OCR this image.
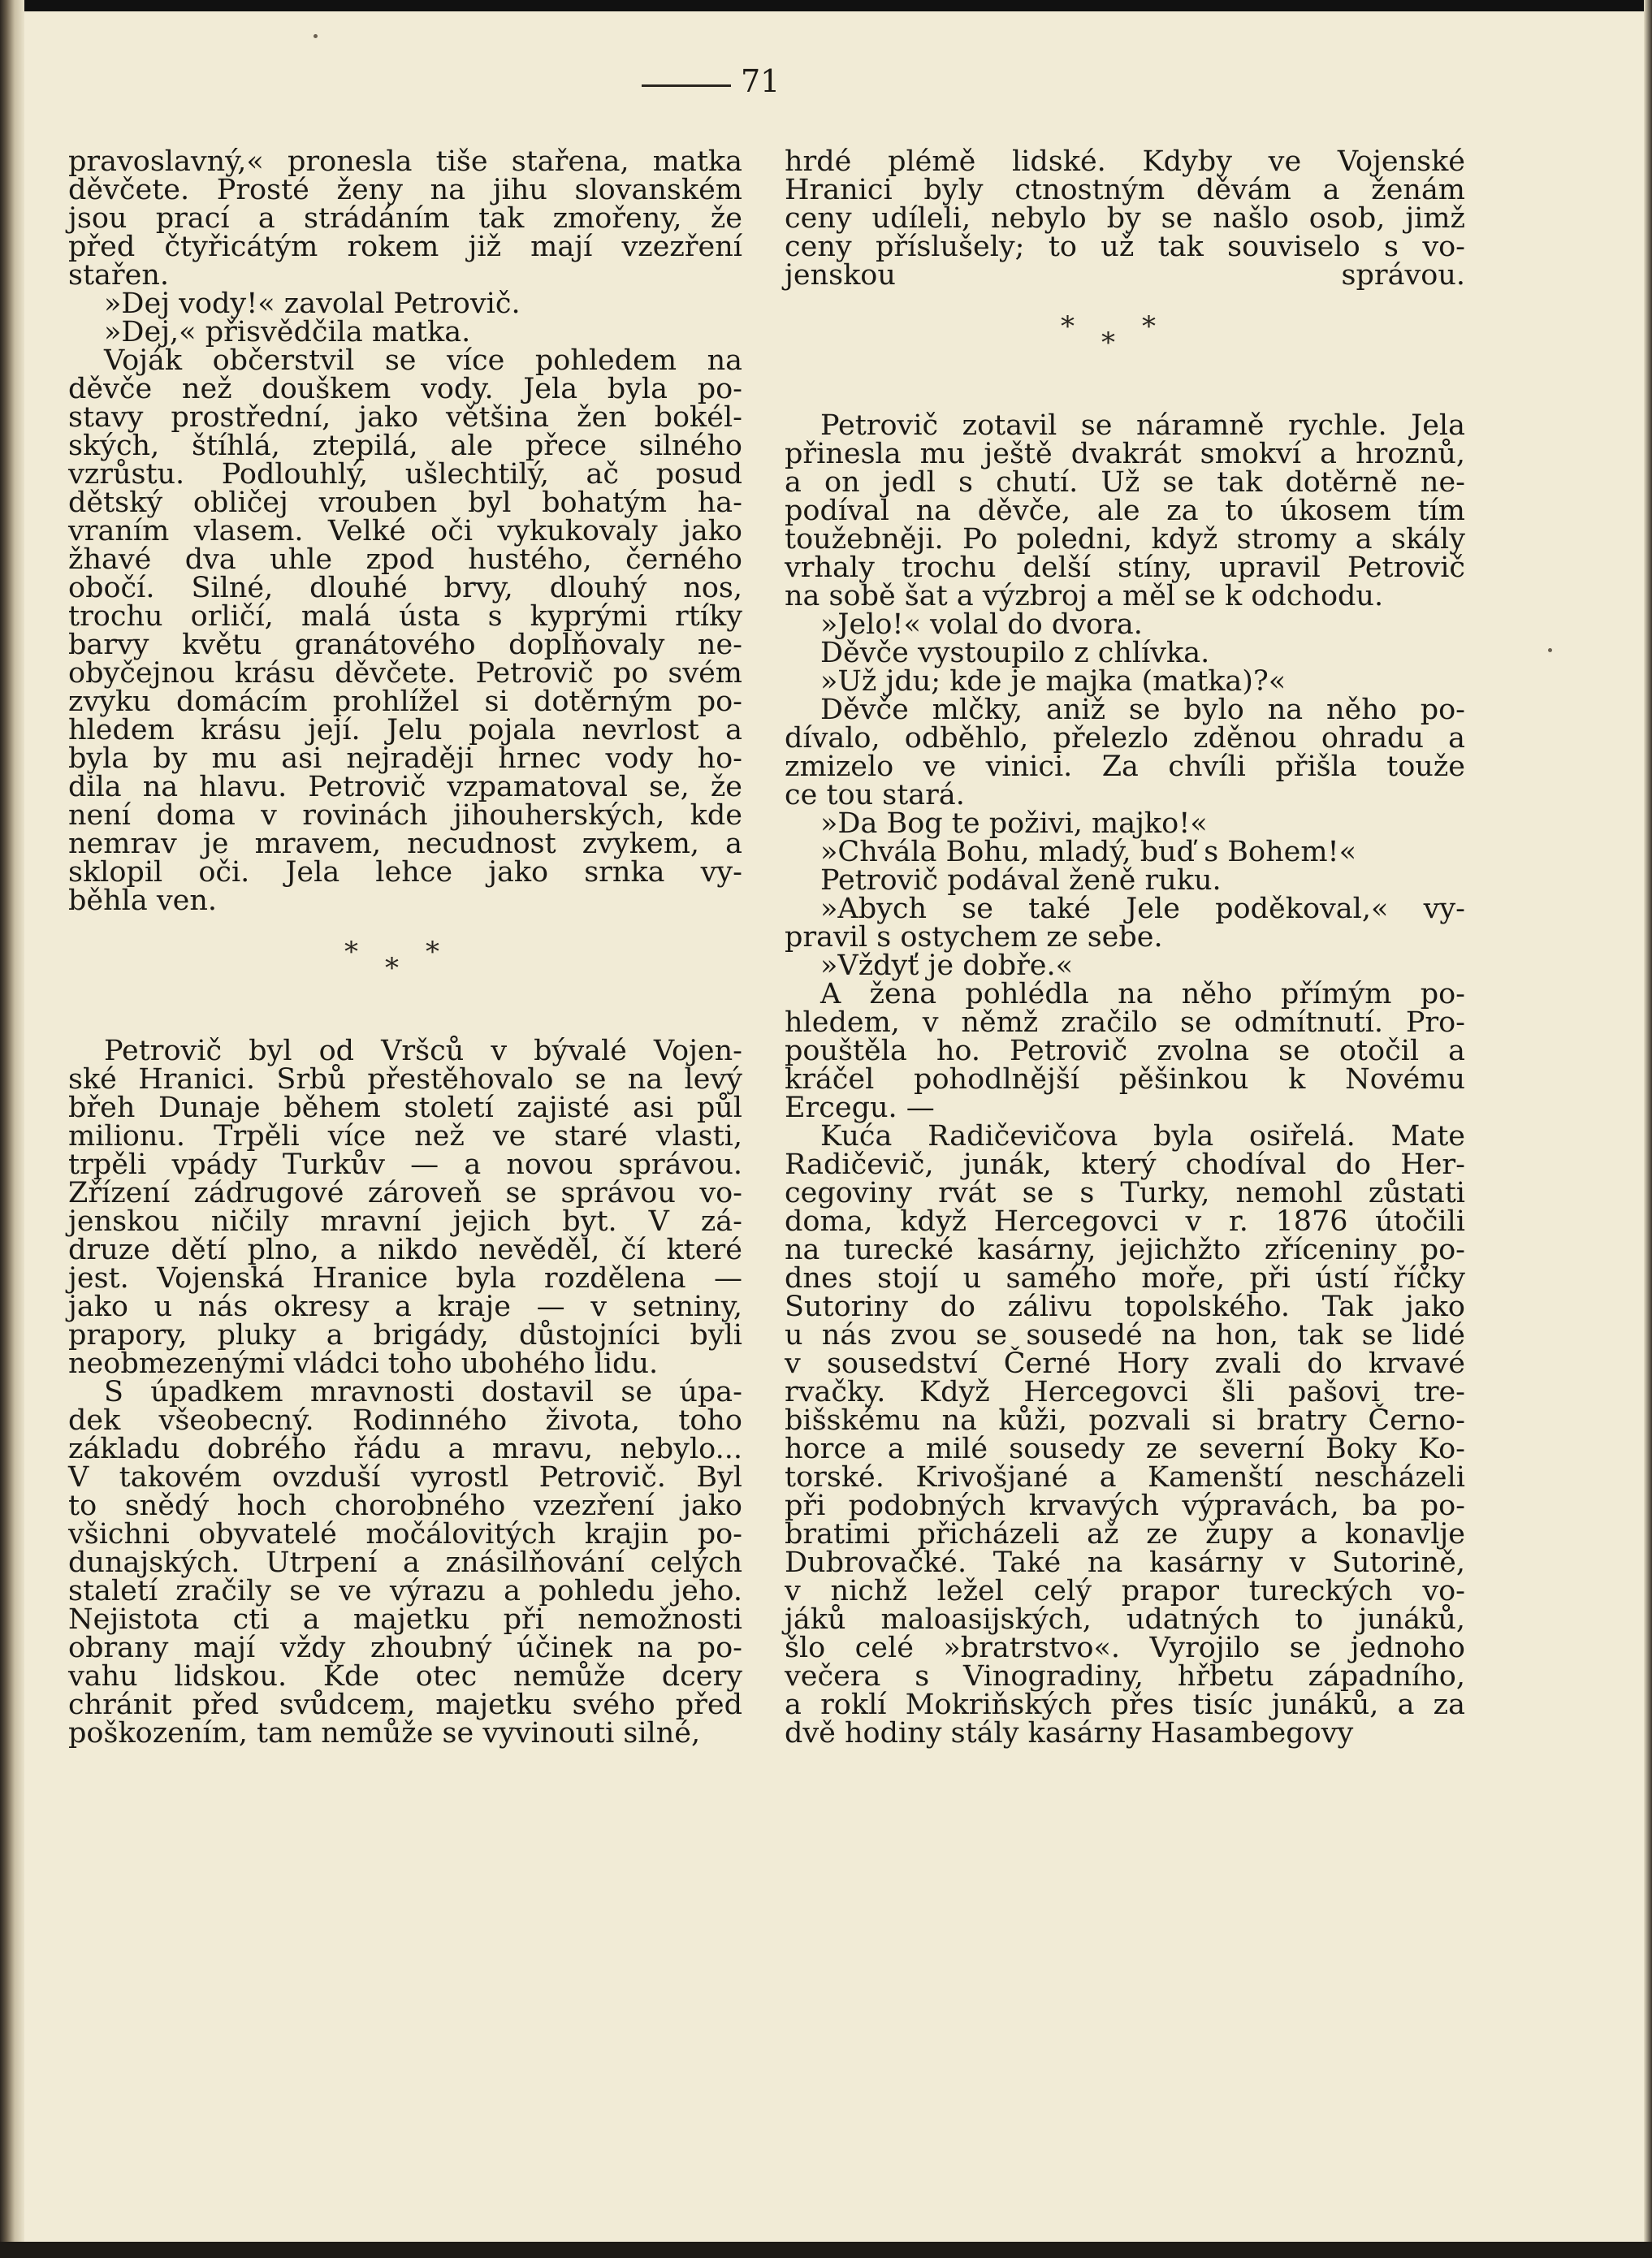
71
pravoslavný,« pronesla tiše stařena, matka
děvčete. Prosté ženy na jihu slovanském
jsou prací a strádáním tak zmořeny, že
před čtyřicátým rokem již mají vzezření
stařen.
»Dej vody!« zavolal Petrovič.
»Dej,« přisvědčila matka.
Voják občerstvil se více pohledem na
děvče než douškem vody. Jela byla po-
stavy prostřední, jako většina žen bokél-
ských, štíhlá, ztepilá, ale přece silného
vzrůstu. Podlouhlý, ušlechtilý, ač posud
dětský obličej vrouben byl bohatým ha-
vraním vlasem. Velké oči vykukovaly jako
žhavé dva uhle zpod hustého, černého
obočí. Silné, dlouhé brvy, dlouhý nos,
trochu orličí, malá ústa s kyprými rtíky
barvy květu granátového doplňovaly ne-
obyčejnou krásu děvčete. Petrovič po svém
zvyku domácím prohlížel si dotěrným po-
hledem krásu její. Jelu pojala nevrlost a
byla by mu asi nejraději hrnec vody ho-
dila na hlavu. Petrovič vzpamatoval se, že
není doma v rovinách jihouherských, kde
nemrav je mravem, necudnost zvykem, a
sklopil oči. Jela lehce jako srnka vy-
běhla ven.
* * *
Petrovič byl od Vršců v bývalé Vojen-
ské Hranici. Srbů přestěhovalo se na levý
břeh Dunaje během století zajisté asi půl
milionu. Trpěli více než ve staré vlasti,
trpěli vpády Turkův — a novou správou.
Zřízení zádrugové zároveň se správou vo-
jenskou ničily mravní jejich byt. V zá-
druze dětí plno, a nikdo nevěděl, čí které
jest. Vojenská Hranice byla rozdělena —
jako u nás okresy a kraje — v setniny,
prapory, pluky a brigády, důstojníci byli
neobmezenými vládci toho ubohého lidu.
S úpadkem mravnosti dostavil se úpa-
dek všeobecný. Rodinného života, toho
základu dobrého řádu a mravu, nebylo...
V takovém ovzduší vyrostl Petrovič. Byl
to snědý hoch chorobného vzezření jako
všichni obyvatelé močálovitých krajin po-
dunajských. Utrpení a znásilňování celých
staletí zračily se ve výrazu a pohledu jeho.
Nejistota cti a majetku při nemožnosti
obrany mají vždy zhoubný účinek na po-
vahu lidskou. Kde otec nemůže dcery
chránit před svůdcem, majetku svého před
poškozením, tam nemůže se vyvinouti silné,
hrdé plémě lidské. Kdyby ve Vojenské
Hranici byly ctnostným děvám a ženám
ceny udíleli, nebylo by se našlo osob, jimž
ceny příslušely; to už tak souviselo s vo-
jenskou správou.
* * *
Petrovič zotavil se náramně rychle. Jela
přinesla mu ještě dvakrát smokví a hroznů,
a on jedl s chutí. Už se tak dotěrně ne-
podíval na děvče, ale za to úkosem tím
toužebněji. Po poledni, když stromy a skály
vrhaly trochu delší stíny, upravil Petrovič
na sobě šat a výzbroj a měl se k odchodu.
»Jelo!« volal do dvora.
Děvče vystoupilo z chlívka.
»Už jdu; kde je majka (matka)?«
Děvče mlčky, aniž se bylo na něho po-
dívalo, odběhlo, přelezlo zděnou ohradu a
zmizelo ve vinici. Za chvíli přišla touže
ce tou stará.
»Da Bog te poživi, majko!«
»Chvála Bohu, mladý, buď s Bohem!«
Petrovič podával ženě ruku.
»Abych se také Jele poděkoval,« vy-
pravil s ostychem ze sebe.
»Vždyť je dobře.«
A žena pohlédla na něho přímým po-
hledem, v němž zračilo se odmítnutí. Pro-
pouštěla ho. Petrovič zvolna se otočil a
kráčel pohodlnější pěšinkou k Novému
Ercegu. —
Kuća Radičevičova byla osiřelá. Mate
Radičevič, junák, který chodíval do Her-
cegoviny rvát se s Turky, nemohl zůstati
doma, když Hercegovci v r. 1876 útočili
na turecké kasárny, jejichžto zříceniny po-
dnes stojí u samého moře, při ústí říčky
Sutoriny do zálivu topolského. Tak jako
u nás zvou se sousedé na hon, tak se lidé
v sousedství Černé Hory zvali do krvavé
rvačky. Když Hercegovci šli pašovi tre-
bišskému na kůži, pozvali si bratry Černo-
horce a milé sousedy ze severní Boky Ko-
torské. Krivošjané a Kamenští nescházeli
při podobných krvavých výpravách, ba po-
bratimi přicházeli až ze župy a konavlje
Dubrovačké. Také na kasárny v Sutorině,
v nichž ležel celý prapor tureckých vo-
jáků maloasijských, udatných to junáků,
šlo celé »bratrstvo«. Vyrojilo se jednoho
večera s Vinogradiny, hřbetu západního,
a roklí Mokriňských přes tisíc junáků, a za
dvě hodiny stály kasárny Hasambegovy
